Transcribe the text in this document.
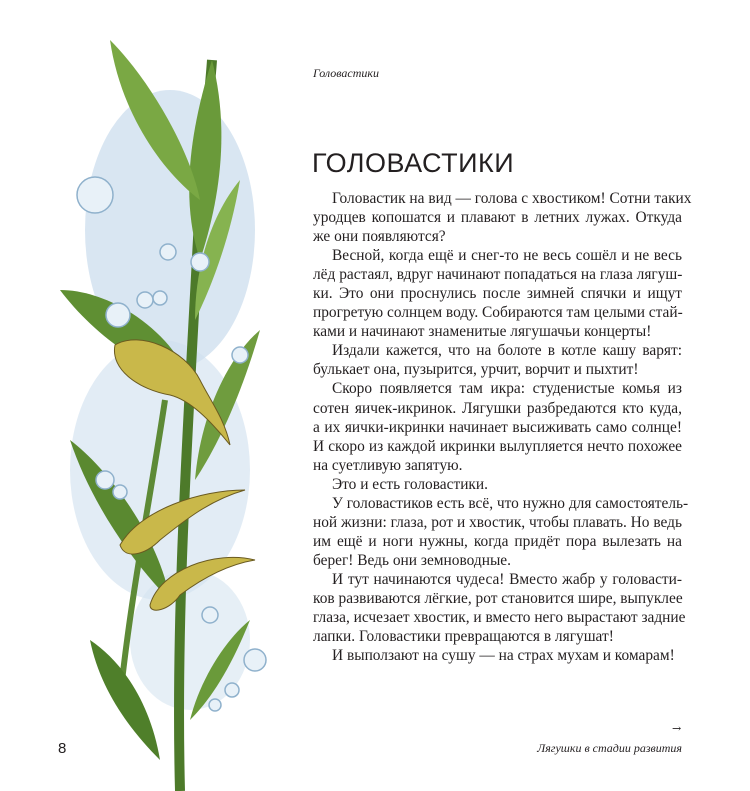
Головастики
ГОЛОВАСТИКИ
Головастик на вид — голова с хвостиком! Сотни таких
уродцев копошатся и плавают в летних лужах. Откуда
же они появляются?
Весной, когда ещё и снег-то не весь сошёл и не весь
лёд растаял, вдруг начинают попадаться на глаза лягуш-
ки. Это они проснулись после зимней спячки и ищут
прогретую солнцем воду. Собираются там целыми стай-
ками и начинают знаменитые лягушачьи концерты!
Издали кажется, что на болоте в котле кашу варят:
булькает она, пузырится, урчит, ворчит и пыхтит!
Скоро появляется там икра: студенистые комья из
сотен яичек-икринок. Лягушки разбредаются кто куда,
а их яички-икринки начинает высиживать само солнце!
И скоро из каждой икринки вылупляется нечто похожее
на суетливую запятую.
Это и есть головастики.
У головастиков есть всё, что нужно для самостоятель-
ной жизни: глаза, рот и хвостик, чтобы плавать. Но ведь
им ещё и ноги нужны, когда придёт пора вылезать на
берег! Ведь они земноводные.
И тут начинаются чудеса! Вместо жабр у головасти-
ков развиваются лёгкие, рот становится шире, выпуклее
глаза, исчезает хвостик, и вместо него вырастают задние
лапки. Головастики превращаются в лягушат!
И выползают на сушу — на страх мухам и комарам!
8
→
Лягушки в стадии развития
